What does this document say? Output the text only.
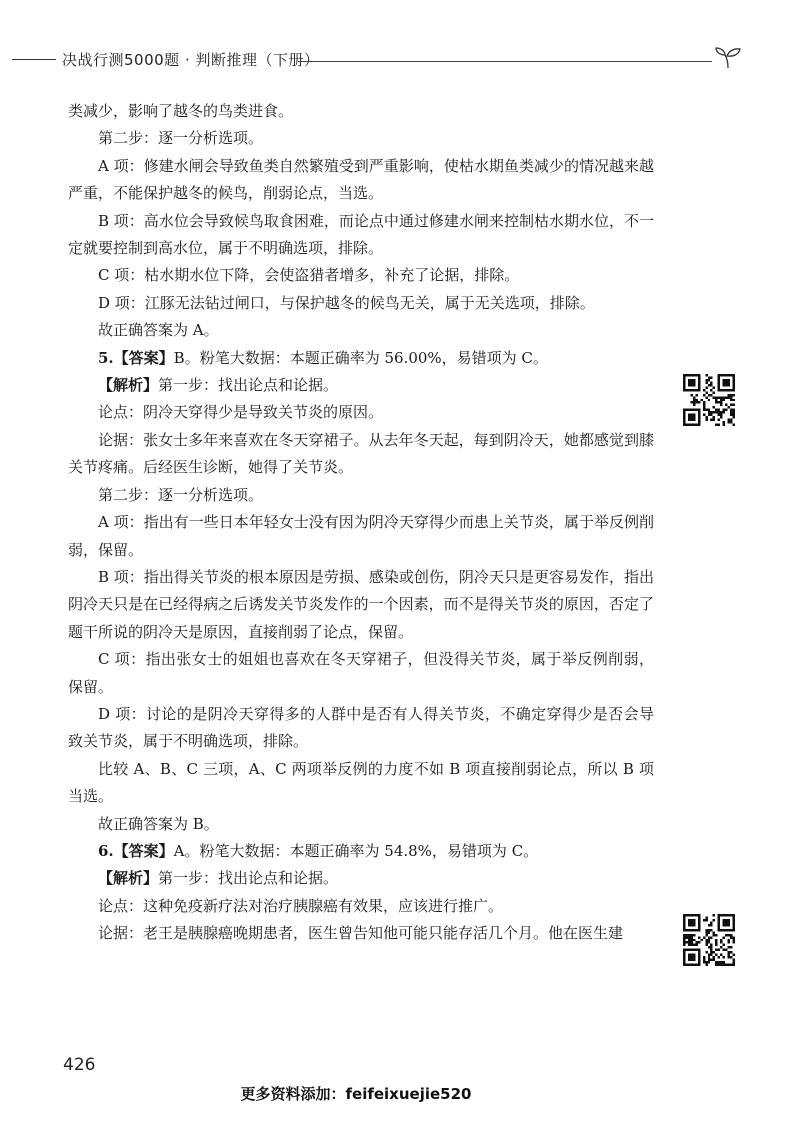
决战行测5000题 · 判断推理（下册）

类减少，影响了越冬的鸟类进食。

第二步：逐一分析选项。

A 项：修建水闸会导致鱼类自然繁殖受到严重影响，使枯水期鱼类减少的情况越来越严重，不能保护越冬的候鸟，削弱论点，当选。

B 项：高水位会导致候鸟取食困难，而论点中通过修建水闸来控制枯水期水位，不一定就要控制到高水位，属于不明确选项，排除。

C 项：枯水期水位下降，会使盗猎者增多，补充了论据，排除。

D 项：江豚无法钻过闸口，与保护越冬的候鸟无关，属于无关选项，排除。

故正确答案为 A。

5.【答案】B。粉笔大数据：本题正确率为 56.00%，易错项为 C。

【解析】第一步：找出论点和论据。

论点：阴冷天穿得少是导致关节炎的原因。

论据：张女士多年来喜欢在冬天穿裙子。从去年冬天起，每到阴冷天，她都感觉到膝关节疼痛。后经医生诊断，她得了关节炎。

第二步：逐一分析选项。

A 项：指出有一些日本年轻女士没有因为阴冷天穿得少而患上关节炎，属于举反例削弱，保留。

B 项：指出得关节炎的根本原因是劳损、感染或创伤，阴冷天只是更容易发作，指出阴冷天只是在已经得病之后诱发关节炎发作的一个因素，而不是得关节炎的原因，否定了题干所说的阴冷天是原因，直接削弱了论点，保留。

C 项：指出张女士的姐姐也喜欢在冬天穿裙子，但没得关节炎，属于举反例削弱，保留。

D 项：讨论的是阴冷天穿得多的人群中是否有人得关节炎，不确定穿得少是否会导致关节炎，属于不明确选项，排除。

比较 A、B、C 三项，A、C 两项举反例的力度不如 B 项直接削弱论点，所以 B 项当选。

故正确答案为 B。

6.【答案】A。粉笔大数据：本题正确率为 54.8%，易错项为 C。

【解析】第一步：找出论点和论据。

论点：这种免疫新疗法对治疗胰腺癌有效果，应该进行推广。

论据：老王是胰腺癌晚期患者，医生曾告知他可能只能存活几个月。他在医生建

426
更多资料添加：feifeixuejie520
